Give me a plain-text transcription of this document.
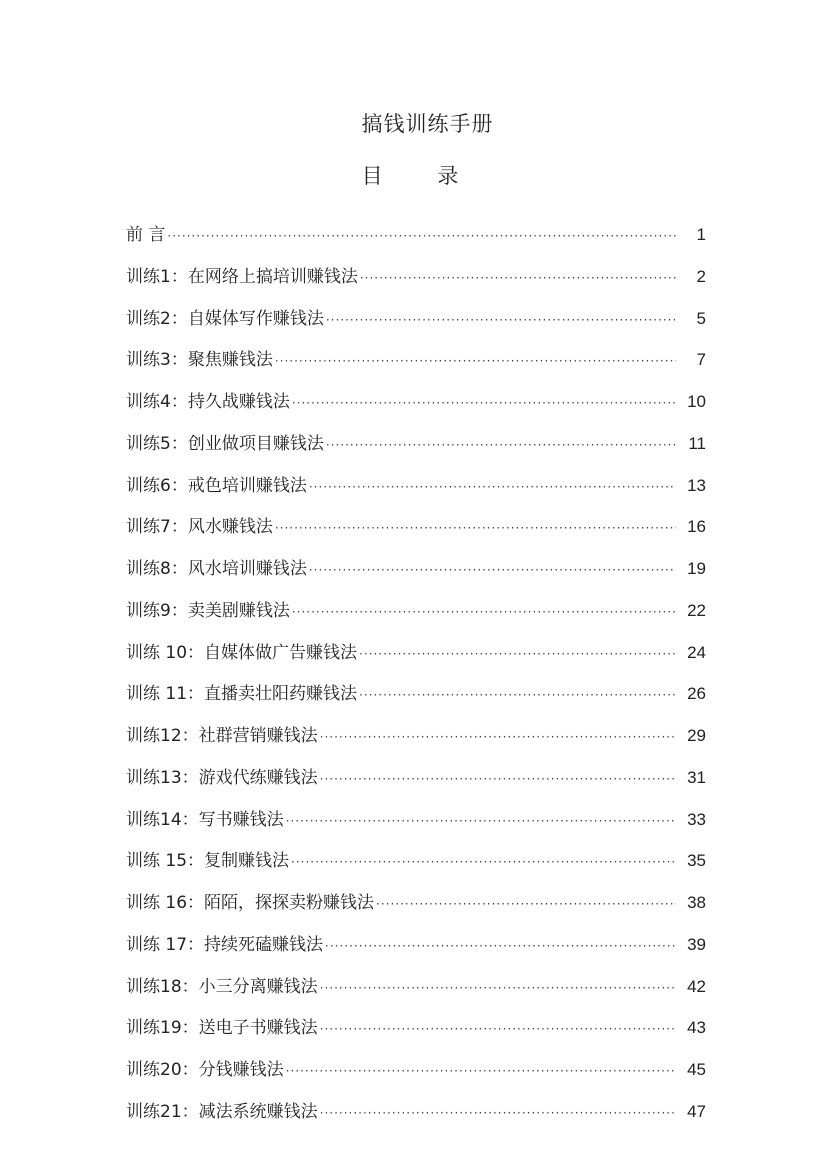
搞钱训练手册
目 录
前 言 ·····	1
训练1：在网络上搞培训赚钱法 ·····	2
训练2：自媒体写作赚钱法 ·····	5
训练3：聚焦赚钱法 ·····	7
训练4：持久战赚钱法 ·····	10
训练5：创业做项目赚钱法 ·····	11
训练6：戒色培训赚钱法 ·····	13
训练7：风水赚钱法 ·····	16
训练8：风水培训赚钱法 ·····	19
训练9：卖美剧赚钱法 ·····	22
训练 10：自媒体做广告赚钱法 ·····	24
训练 11：直播卖壮阳药赚钱法 ·····	26
训练12：社群营销赚钱法 ·····	29
训练13：游戏代练赚钱法 ·····	31
训练14：写书赚钱法 ·····	33
训练 15：复制赚钱法 ·····	35
训练 16：陌陌，探探卖粉赚钱法 ·····	38
训练 17：持续死磕赚钱法 ·····	39
训练18：小三分离赚钱法 ·····	42
训练19：送电子书赚钱法 ·····	43
训练20：分钱赚钱法 ·····	45
训练21：减法系统赚钱法 ·····	47
